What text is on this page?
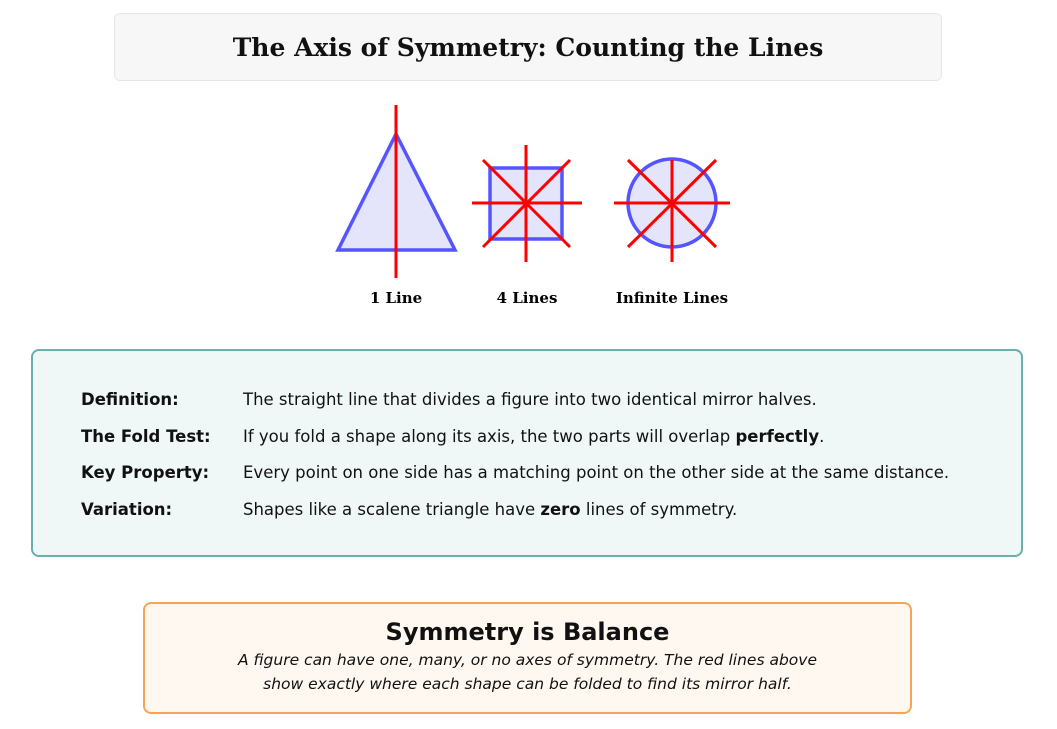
The Axis of Symmetry: Counting the Lines
1 Line	4 Lines	Infinite Lines
Definition:	The straight line that divides a figure into two identical mirror halves.
The Fold Test: If you fold a shape along its axis, the two parts will overlap perfectly.
Key Property: Every point on one side has a matching point on the other side at the same distance.
Variation:	Shapes like a scalene triangle have zero lines of symmetry.
Symmetry is Balance

A figure can have one, many, or no axes of symmetry. The red lines above

show exactly where each shape can be folded to find its mirror half.
